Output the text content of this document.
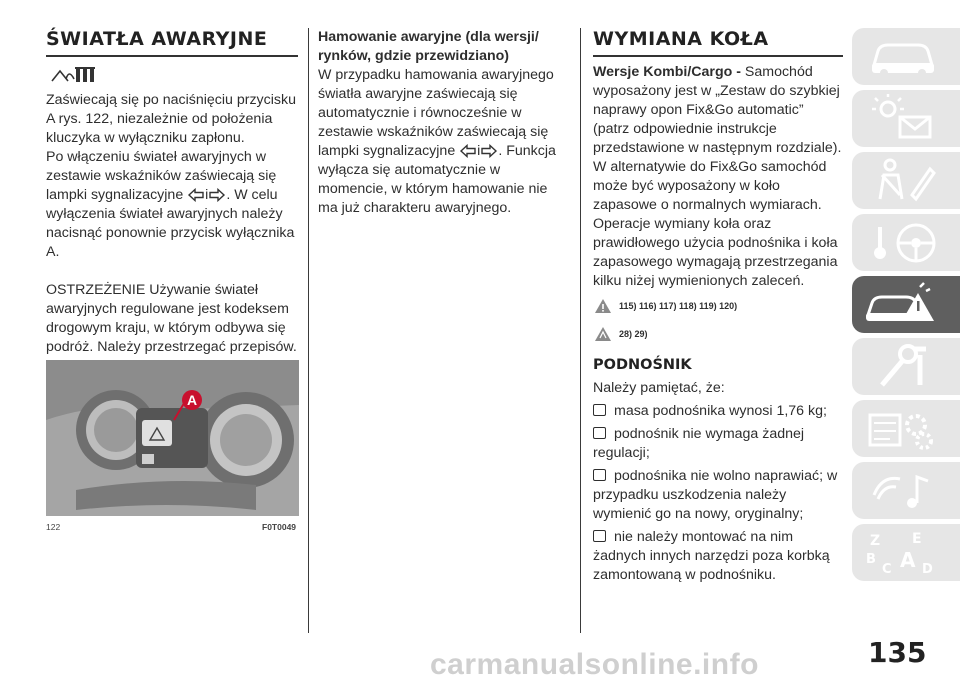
ŚWIATŁA AWARYJNE

Zaświecają się po naciśnięciu przycisku A rys. 122, niezależnie od położenia kluczyka w wyłączniku zapłonu.

Po włączeniu świateł awaryjnych w zestawie wskaźników zaświecają się lampki sygnalizacyjne i . W celu wyłączenia świateł awaryjnych należy nacisnąć ponownie przycisk wyłącznika A.

OSTRZEŻENIE Używanie świateł awaryjnych regulowane jest kodeksem drogowym kraju, w którym odbywa się podróż. Należy przestrzegać przepisów.

A
122	F0T0049
Hamowanie awaryjne (dla wersji/ rynków, gdzie przewidziano)

W przypadku hamowania awaryjnego światła awaryjne zaświecają się automatycznie i równocześnie w zestawie wskaźników zaświecają się lampki sygnalizacyjne i . Funkcja wyłącza się automatycznie w momencie, w którym hamowanie nie ma już charakteru awaryjnego.

WYMIANA KOŁA

Wersje Kombi/Cargo - Samochód wyposażony jest w „Zestaw do szybkiej naprawy opon Fix&Go automatic” (patrz odpowiednie instrukcje przedstawione w następnym rozdziale). W alternatywie do Fix&Go samochód może być wyposażony w koło zapasowe o normalnych wymiarach. Operacje wymiany koła oraz prawidłowego użycia podnośnika i koła zapasowego wymagają przestrzegania kilku niżej wymienionych zaleceń.

115) 116) 117) 118) 119) 120)
28) 29)
PODNOŚNIK

Należy pamiętać, że:

masa podnośnika wynosi 1,76 kg;

podnośnik nie wymaga żadnej regulacji;

podnośnika nie wolno naprawiać; w przypadku uszkodzenia należy wymienić go na nowy, oryginalny;

nie należy montować na nim żadnych innych narzędzi poza korbką zamontowaną w podnośniku.

Z E
B A
C D
135
carmanualsonline.info
